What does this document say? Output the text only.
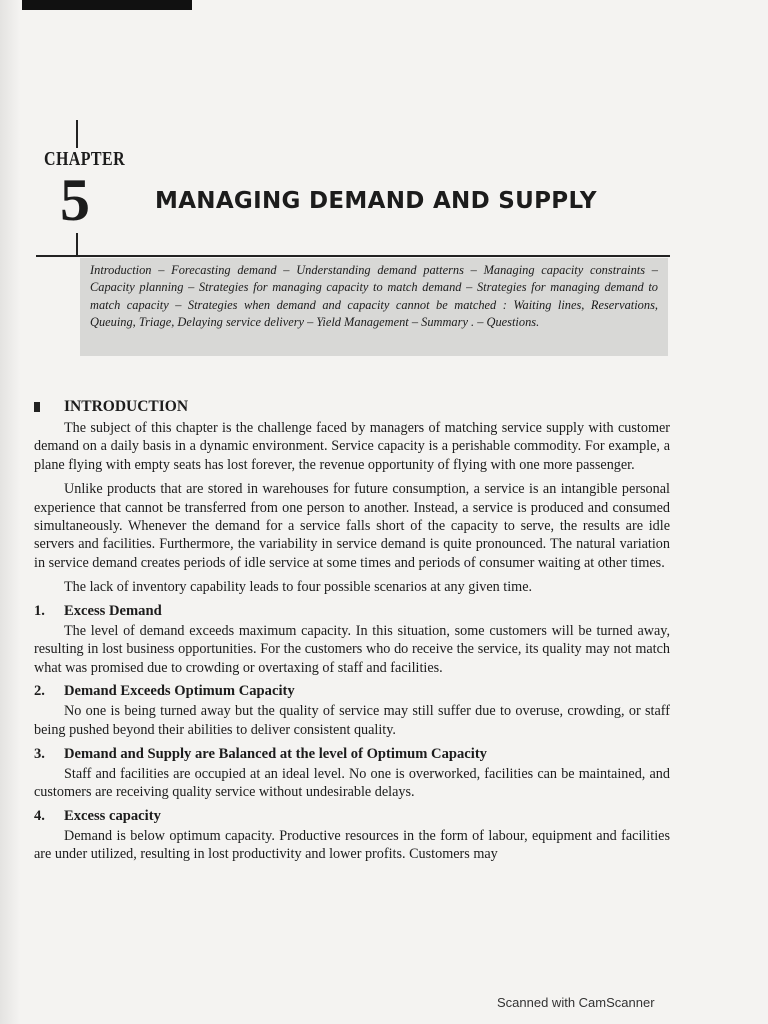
CHAPTER
5	MANAGING DEMAND AND SUPPLY

Introduction – Forecasting demand – Understanding demand patterns – Managing capacity constraints – Capacity planning – Strategies for managing capacity to match demand – Strategies for managing demand to match capacity – Strategies when demand and capacity cannot be matched : Waiting lines, Reservations, Queuing, Triage, Delaying service delivery – Yield Management – Summary . – Questions.

INTRODUCTION

The subject of this chapter is the challenge faced by managers of matching service supply with customer demand on a daily basis in a dynamic environment. Service capacity is a perishable commodity. For example, a plane flying with empty seats has lost forever, the revenue opportunity of flying with one more passenger.

Unlike products that are stored in warehouses for future consumption, a service is an intangible personal experience that cannot be transferred from one person to another. Instead, a service is produced and consumed simultaneously. Whenever the demand for a service falls short of the capacity to serve, the results are idle servers and facilities. Furthermore, the variability in service demand is quite pronounced. The natural variation in service demand creates periods of idle service at some times and periods of consumer waiting at other times.

The lack of inventory capability leads to four possible scenarios at any given time.

1.	Excess Demand

The level of demand exceeds maximum capacity. In this situation, some customers will be turned away, resulting in lost business opportunities. For the customers who do receive the service, its quality may not match what was promised due to crowding or overtaxing of staff and facilities.

2.	Demand Exceeds Optimum Capacity

No one is being turned away but the quality of service may still suffer due to overuse, crowding, or staff being pushed beyond their abilities to deliver consistent quality.

3.	Demand and Supply are Balanced at the level of Optimum Capacity

Staff and facilities are occupied at an ideal level. No one is overworked, facilities can be maintained, and customers are receiving quality service without undesirable delays.

4.	Excess capacity

Demand is below optimum capacity. Productive resources in the form of labour, equipment and facilities are under utilized, resulting in lost productivity and lower profits. Customers may

Scanned with CamScanner
